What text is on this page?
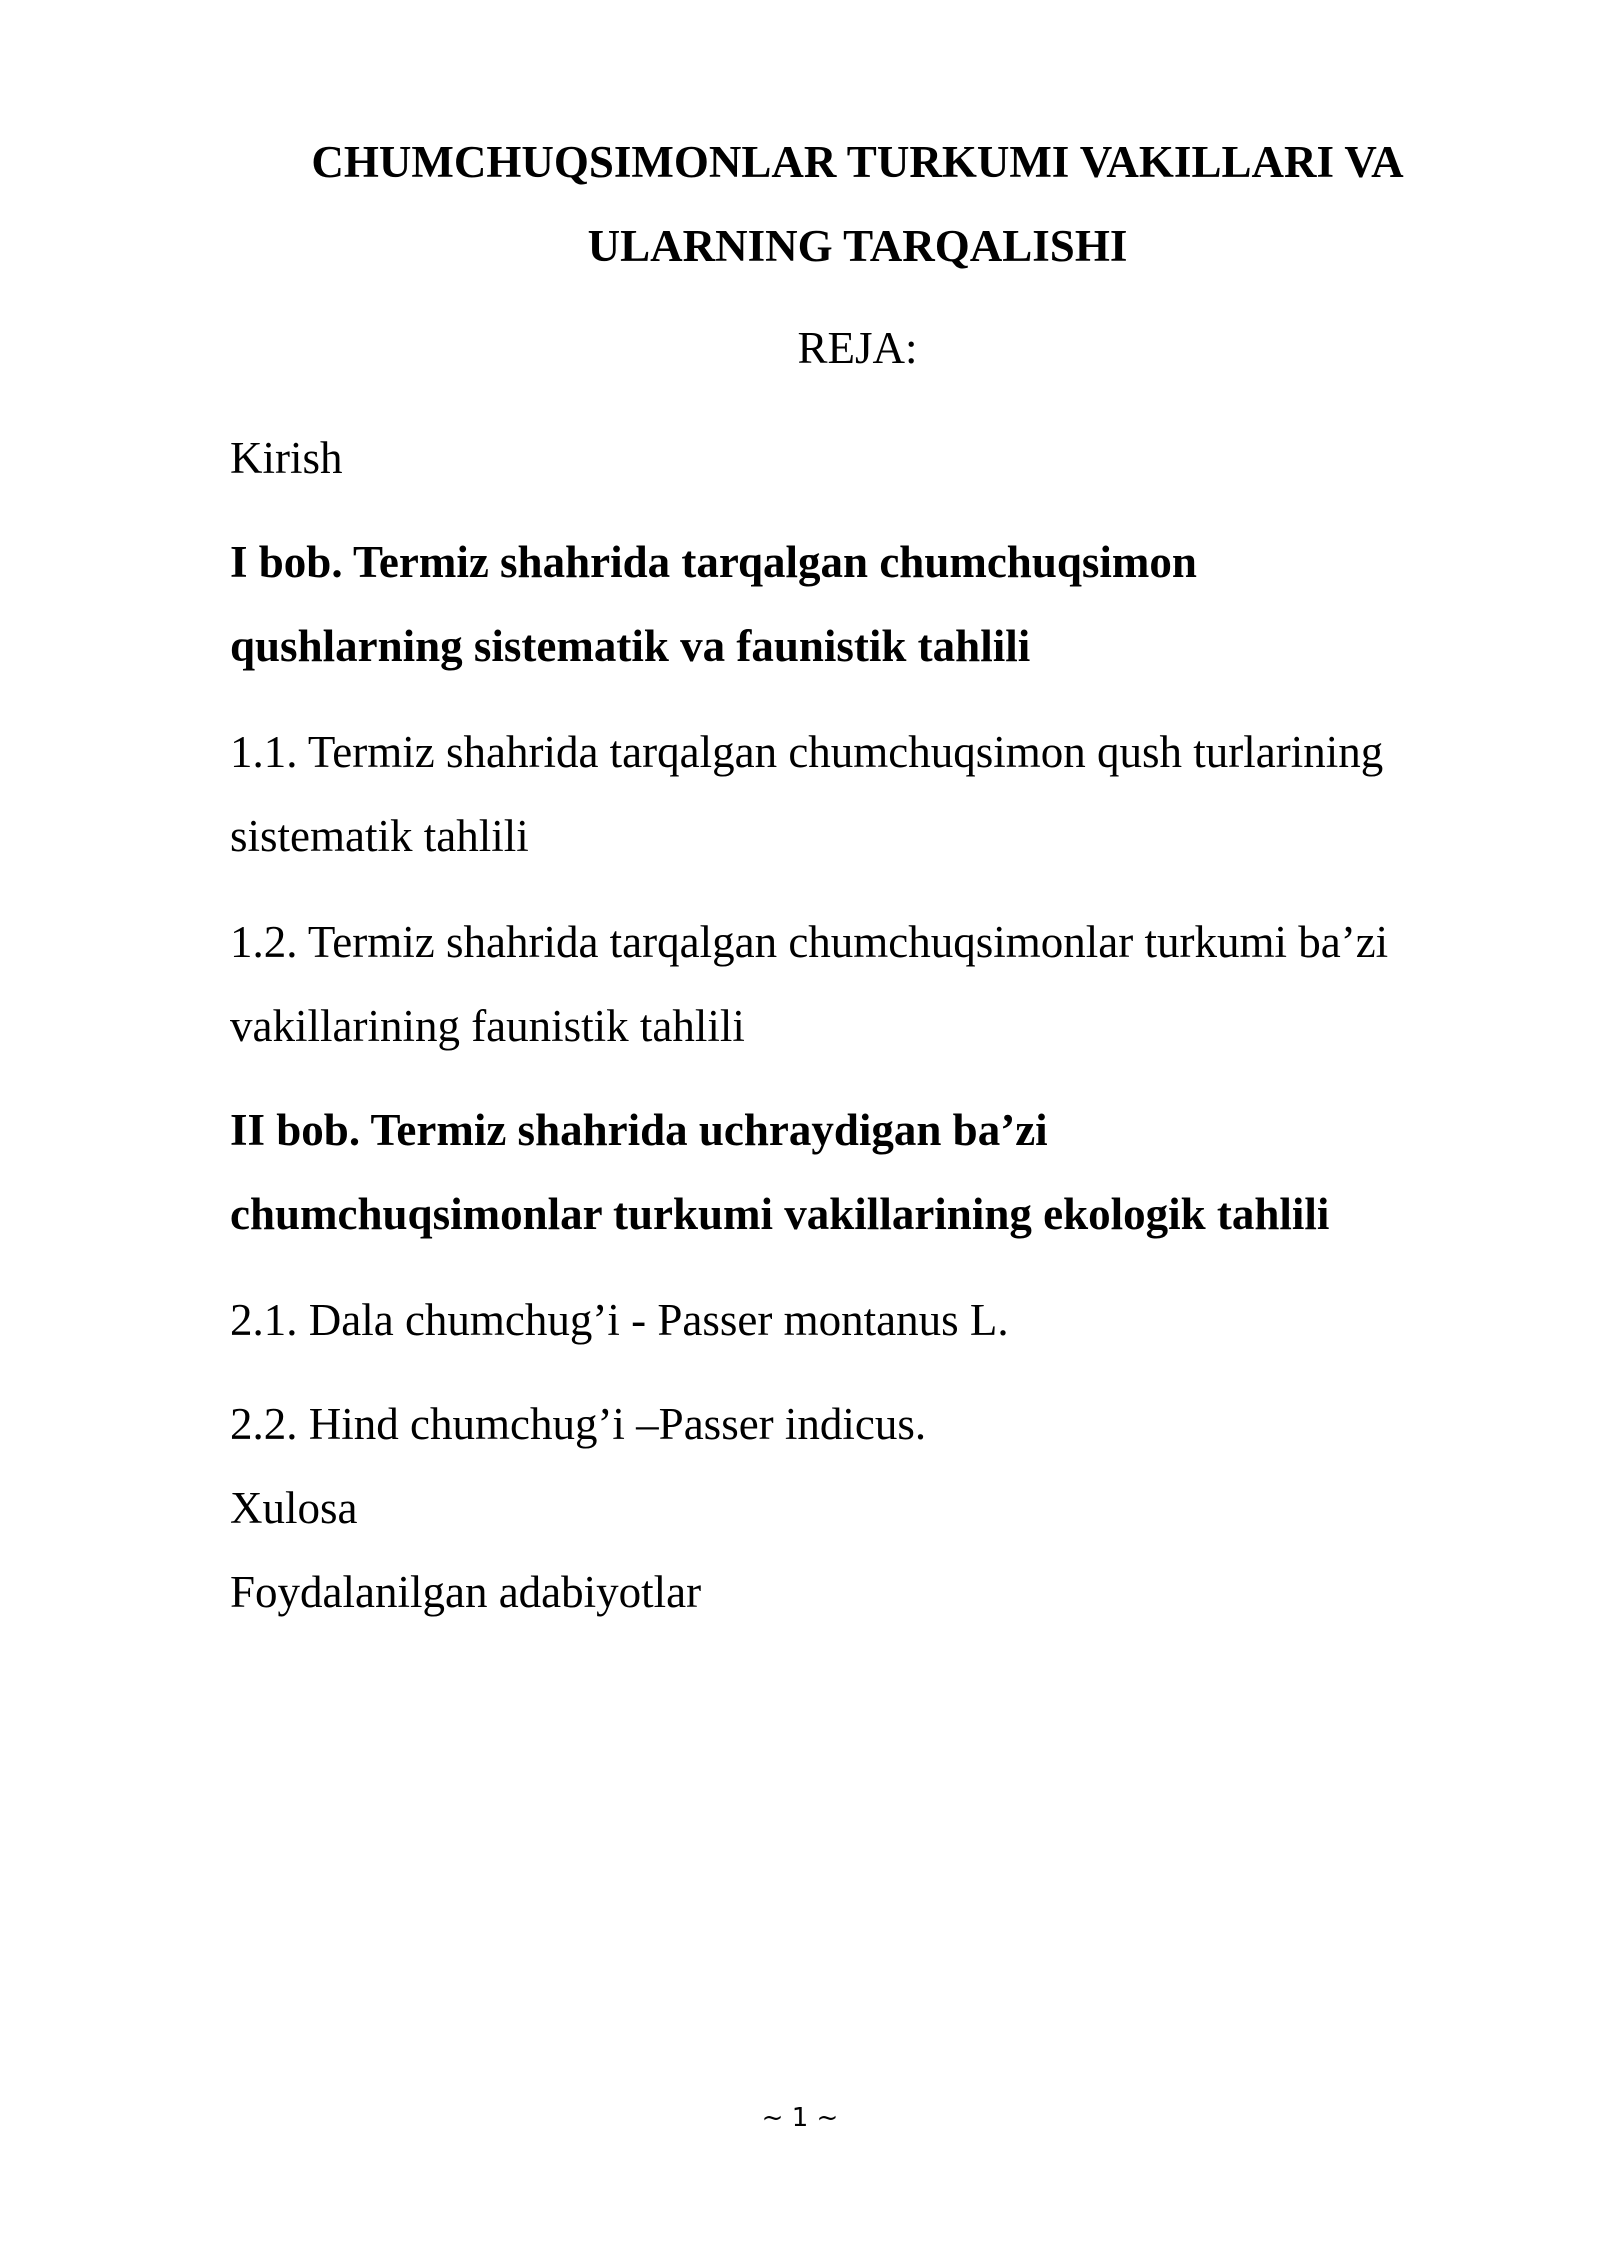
CHUMCHUQSIMONLAR TURKUMI VAKILLARI VA
ULARNING TARQALISHI
REJA:
Kirish
I bob. Termiz shahrida tarqalgan chumchuqsimon
qushlarning sistematik va faunistik tahlili
1.1. Termiz shahrida tarqalgan chumchuqsimon qush turlarining
sistematik tahlili
1.2. Termiz shahrida tarqalgan chumchuqsimonlar turkumi ba’zi
vakillarining faunistik tahlili
II bob. Termiz shahrida uchraydigan ba’zi
chumchuqsimonlar turkumi vakillarining ekologik tahlili
2.1. Dala chumchug’i - Passer montanus L.
2.2. Hind chumchug’i –Passer indicus.
Xulosa
Foydalanilgan adabiyotlar
~ 1 ~
